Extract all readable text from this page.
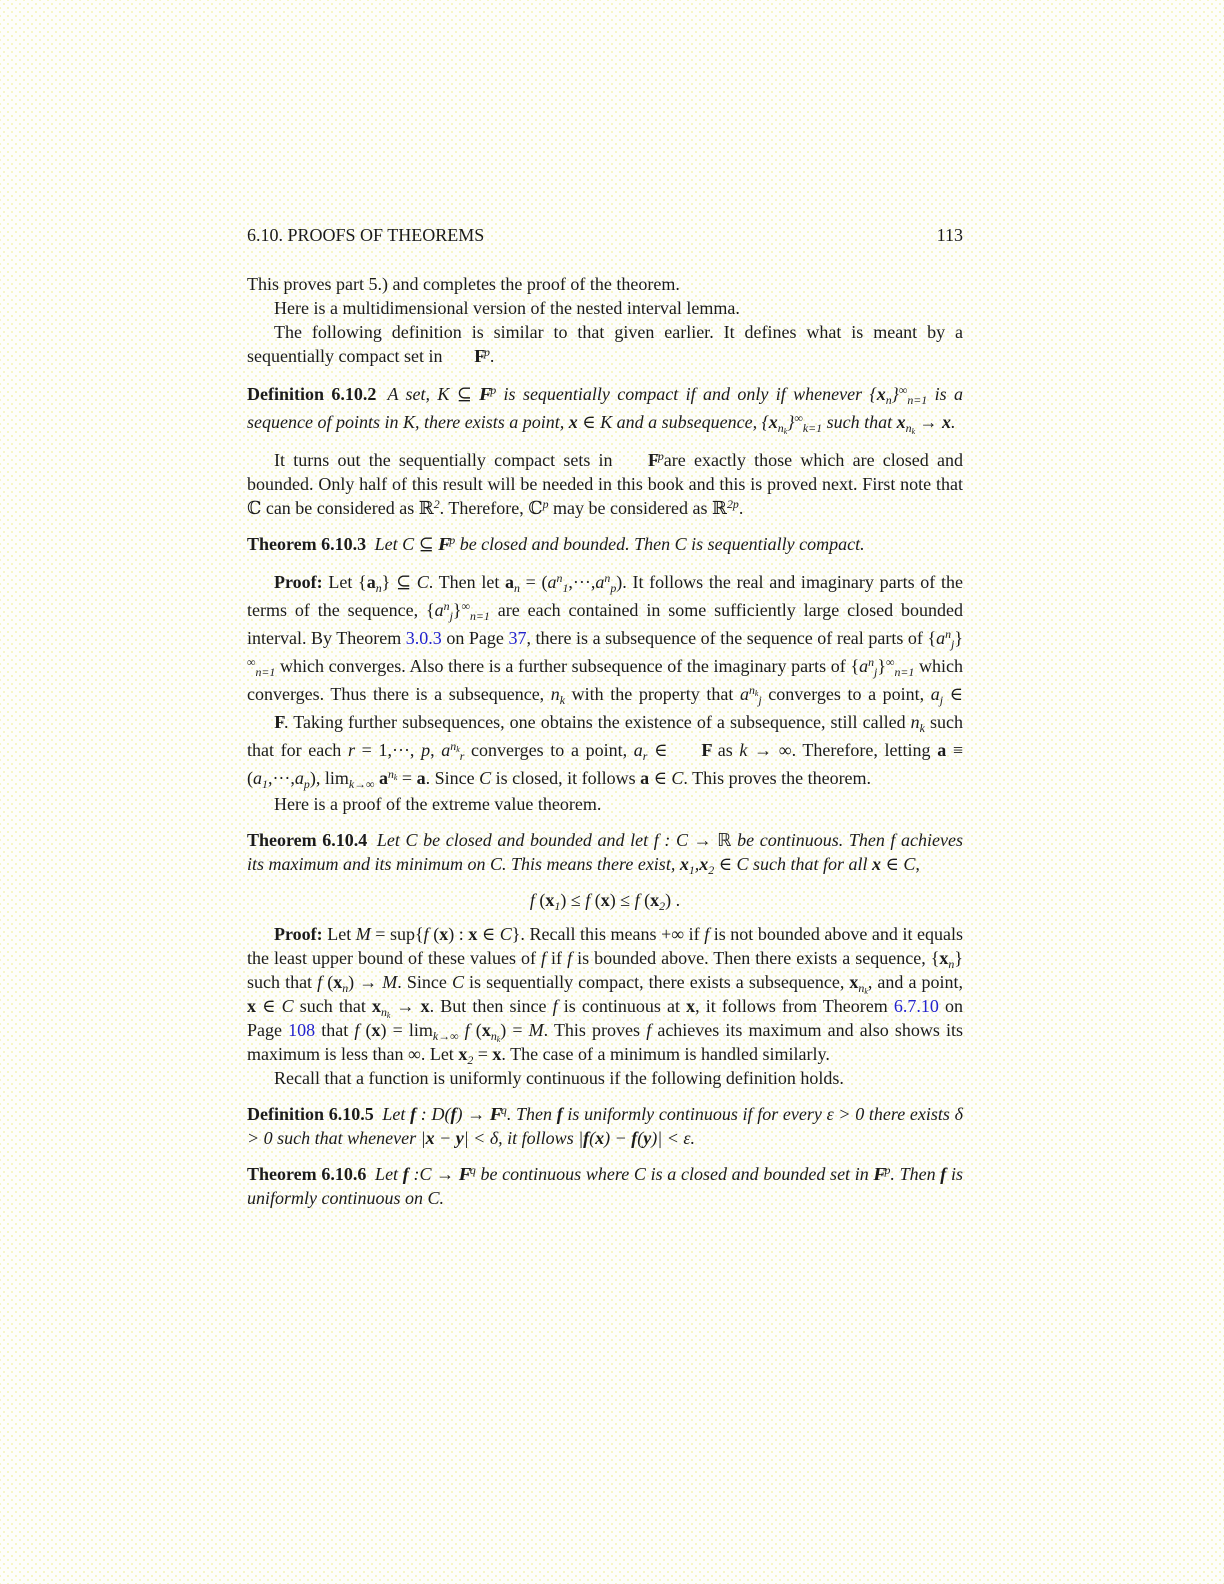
6.10. PROOFS OF THEOREMS	113
This proves part 5.) and completes the proof of the theorem.
Here is a multidimensional version of the nested interval lemma.
The following definition is similar to that given earlier. It defines what is meant by a sequentially compact set in F $F^p$.
Definition 6.10.2 A set, K ⊆ F $F^p$ is sequentially compact if and only if whenever $\{x_n\}^\infty_{n=1}$ is a sequence of points in K, there exists a point, x ∈ K and a subsequence, $\{x_{n_k}\}^\infty_{k=1}$ such that $x_{n_k} \to x$.
It turns out the sequentially compact sets in F $F^pare$ exactly those which are closed and bounded. Only half of this result will be needed in this book and this is proved next. First note that ℂ can be considered as ℝ$^2$. Therefore, ℂ$^p$ may be considered as ℝ$^{2p}$.
Theorem 6.10.3 Let C ⊆ F $F^p$ be closed and bounded. Then C is sequentially compact.
Proof: Let $\{a_n\}$ ⊆ C. Then let $a_n = (a^n_1,\cdot\cdot\cdot,a^n_p)$. It follows the real and imaginary parts of the terms of the sequence, $\{a^n_j\}^\infty_{n=1}$ are each contained in some sufficiently large closed bounded interval. By Theorem 3.0.3 on Page 37, there is a subsequence of the sequence of real parts of $\{a^n_j\}^\infty_{n=1}$ which converges. Also there is a further subsequence of the imaginary parts of $\{a^n_j\}^\infty_{n=1}$ which converges. Thus there is a subsequence, $n_k$ with the property that $a^{n_k}_j$ converges to a point, $a_j$ ∈ F F. Taking further subsequences, one obtains the existence of a subsequence, still called $n_k$ such that for each r = 1,···, p, $a^{n_k}_r$ converges to a point, $a_r$ ∈ F F as k → ∞. Therefore, letting $a \equiv (a_1,\cdot\cdot\cdot,a_p)$, $\lim_{k\to\infty} a^{n_k} = a$. Since C is closed, it follows a ∈ C. This proves the theorem.
Here is a proof of the extreme value theorem.
Theorem 6.10.4 Let C be closed and bounded and let f : C → ℝ be continuous. Then f achieves its maximum and its minimum on C. This means there exist, $x_1,x_2$ ∈ C such that for all x ∈ C,
f $(x_1) \le f$ (x) ≤ f $(x_2)$ .
Proof: Let M = sup{f (x) : x ∈ C}. Recall this means +∞ if f is not bounded above and it equals the least upper bound of these values of f if f is bounded above. Then there exists a sequence, $\{x_n\}$ such that f $(x_n) \to M$. Since C is sequentially compact, there exists a subsequence, $x_{n_k}$, and a point, x ∈ C such that $x_{n_k} \to x$. But then since f is continuous at x, it follows from Theorem 6.7.10 on Page 108 that f $(x) = \lim_{k\to\infty} f$ $(x_{n_k}) = M$. This proves f achieves its maximum and also shows its maximum is less than ∞. Let $x_2 = x$. The case of a minimum is handled similarly.
Recall that a function is uniformly continuous if the following definition holds.
Definition 6.10.5 Let f : D(f) → F $F^q$. Then f is uniformly continuous if for every ε > 0 there exists δ > 0 such that whenever |x − y| < δ, it follows |f(x) − f(y)| < ε.
Theorem 6.10.6 Let f :C → F $F^q$ be continuous where C is a closed and bounded set in F $F^p$. Then f is uniformly continuous on C.
